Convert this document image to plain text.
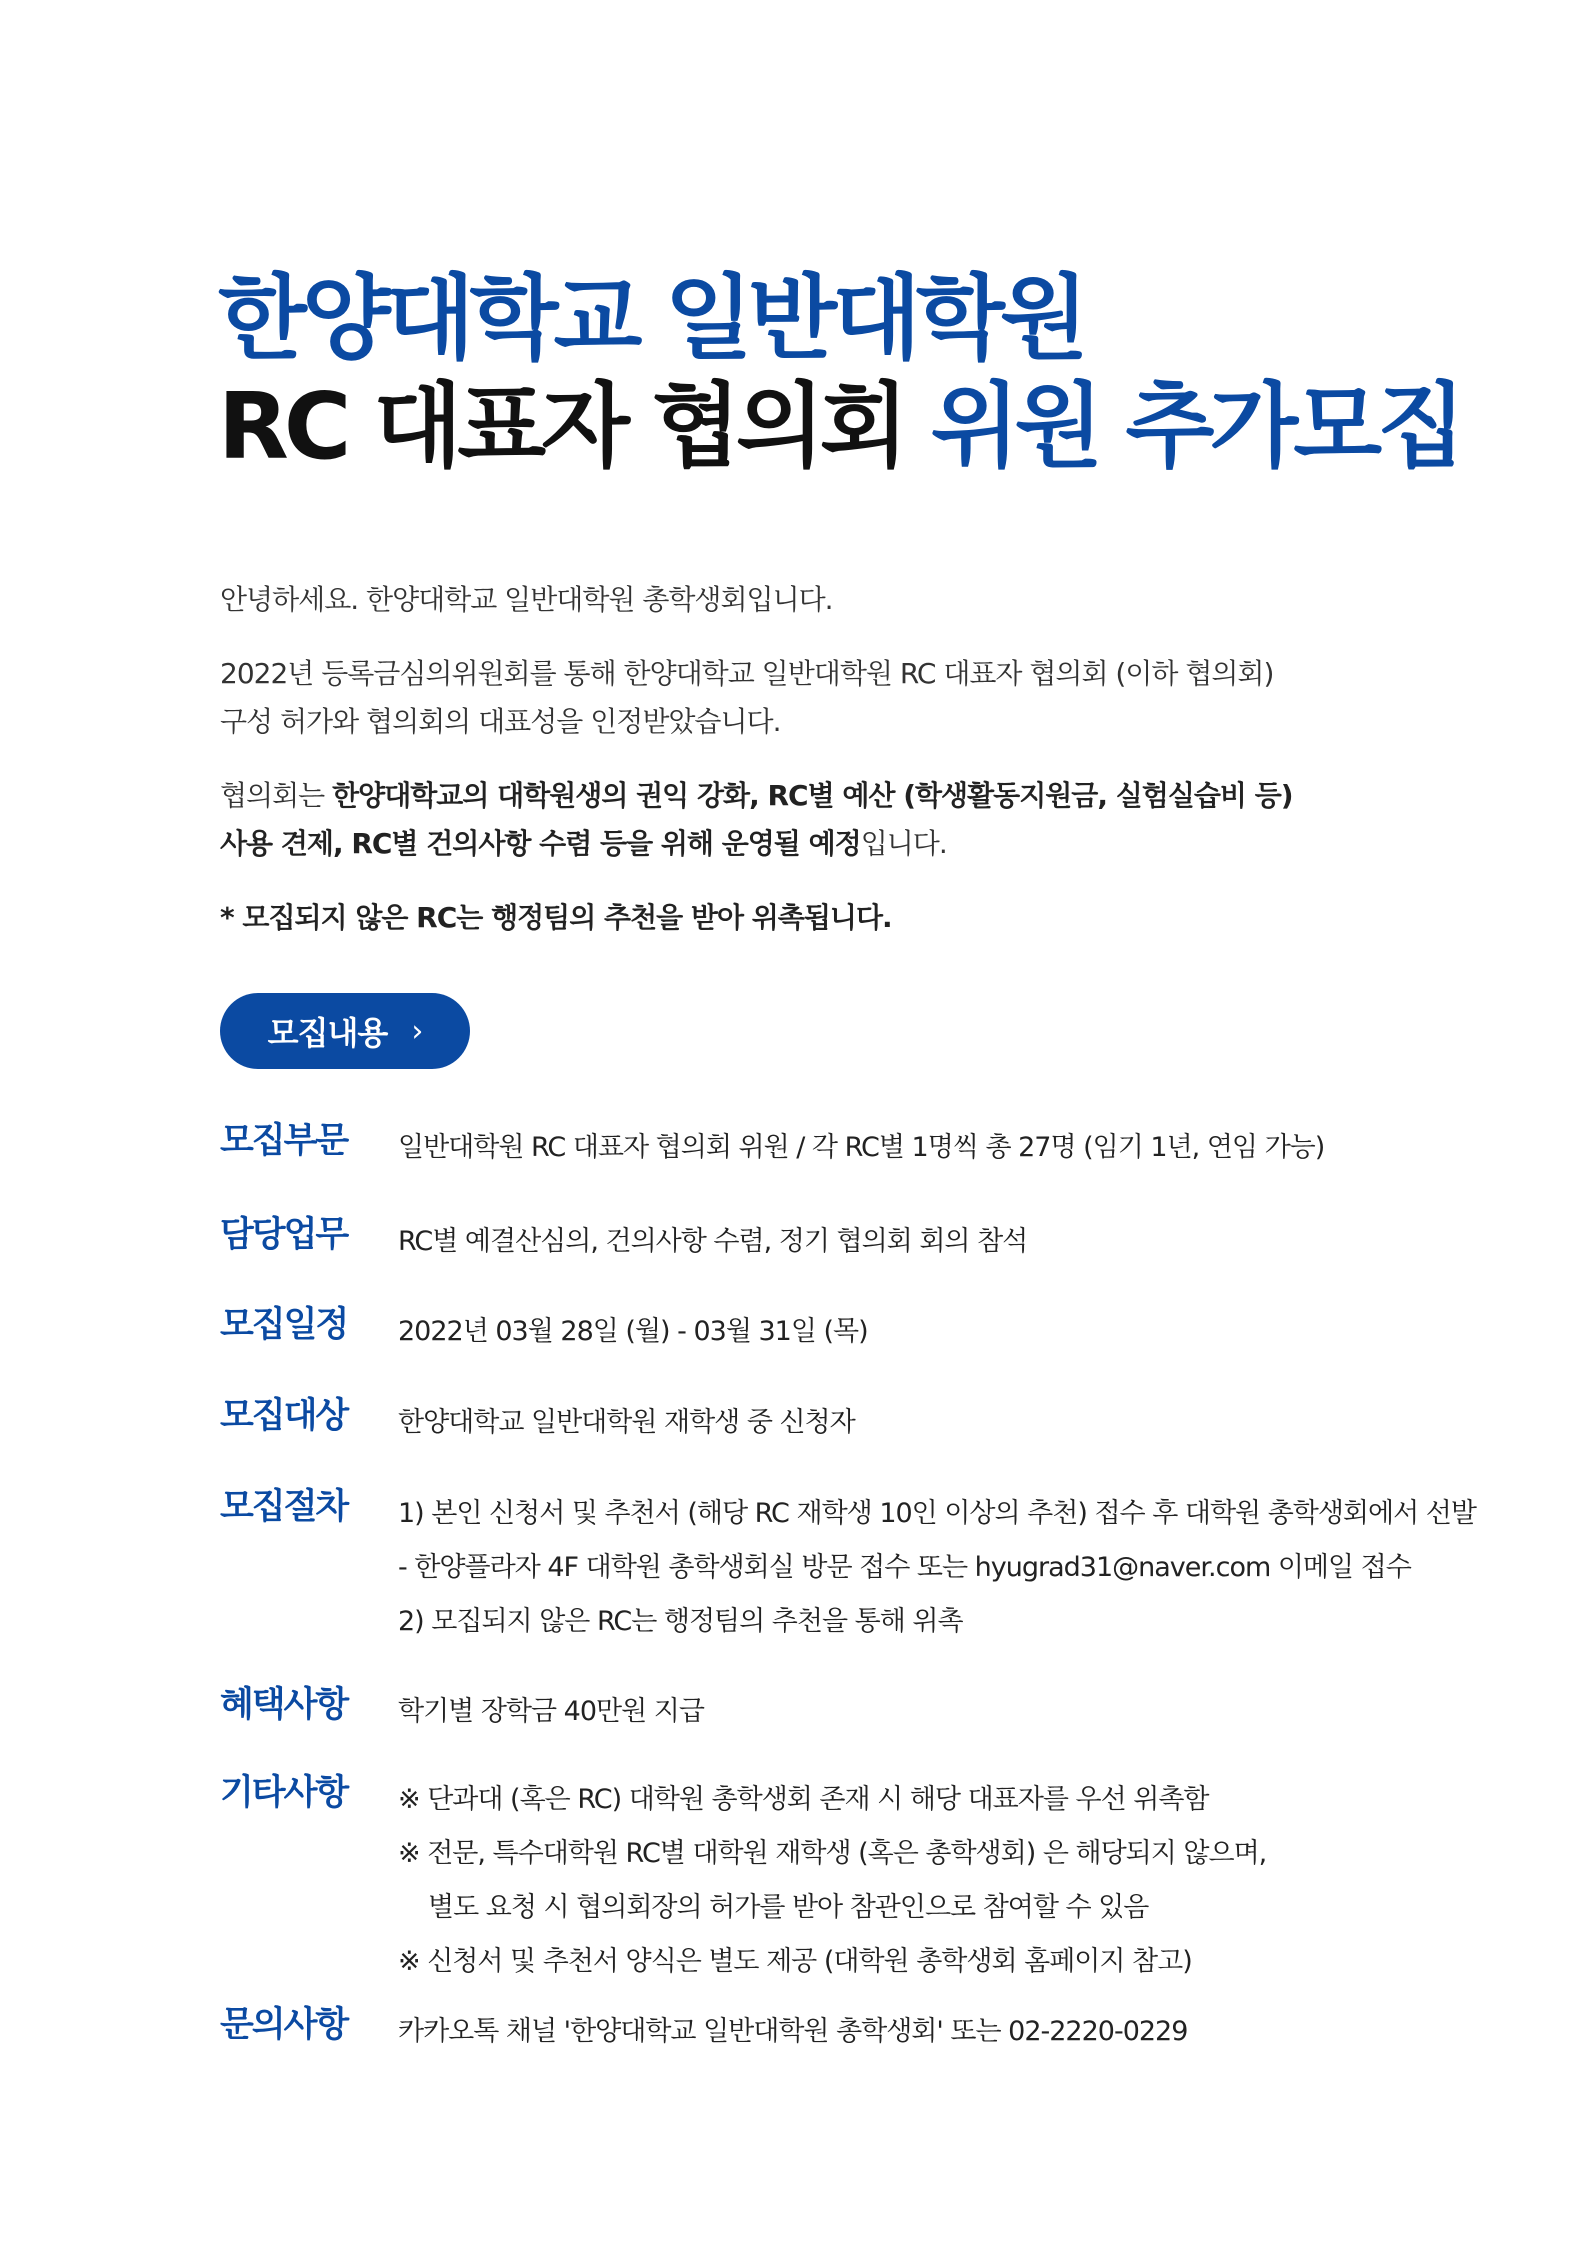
한양대학교 일반대학원
RC 대표자 협의회 위원 추가모집

안녕하세요. 한양대학교 일반대학원 총학생회입니다.

2022년 등록금심의위원회를 통해 한양대학교 일반대학원 RC 대표자 협의회 (이하 협의회)
구성 허가와 협의회의 대표성을 인정받았습니다.

협의회는 한양대학교의 대학원생의 권익 강화, RC별 예산 (학생활동지원금, 실험실습비 등)
사용 견제, RC별 건의사항 수렴 등을 위해 운영될 예정입니다.

* 모집되지 않은 RC는 행정팀의 추천을 받아 위촉됩니다.

모집내용 ›
모집부문	일반대학원 RC 대표자 협의회 위원 / 각 RC별 1명씩 총 27명 (임기 1년, 연임 가능)
담당업무	RC별 예결산심의, 건의사항 수렴, 정기 협의회 회의 참석
모집일정	2022년 03월 28일 (월) - 03월 31일 (목)
모집대상	한양대학교 일반대학원 재학생 중 신청자
모집절차	1) 본인 신청서 및 추천서 (해당 RC 재학생 10인 이상의 추천) 접수 후 대학원 총학생회에서 선발
- 한양플라자 4F 대학원 총학생회실 방문 접수 또는 hyugrad31@naver.com 이메일 접수
2) 모집되지 않은 RC는 행정팀의 추천을 통해 위촉
혜택사항	학기별 장학금 40만원 지급
기타사항	※ 단과대 (혹은 RC) 대학원 총학생회 존재 시 해당 대표자를 우선 위촉함
※ 전문, 특수대학원 RC별 대학원 재학생 (혹은 총학생회) 은 해당되지 않으며,
별도 요청 시 협의회장의 허가를 받아 참관인으로 참여할 수 있음
※ 신청서 및 추천서 양식은 별도 제공 (대학원 총학생회 홈페이지 참고)
문의사항	카카오톡 채널 '한양대학교 일반대학원 총학생회' 또는 02-2220-0229
